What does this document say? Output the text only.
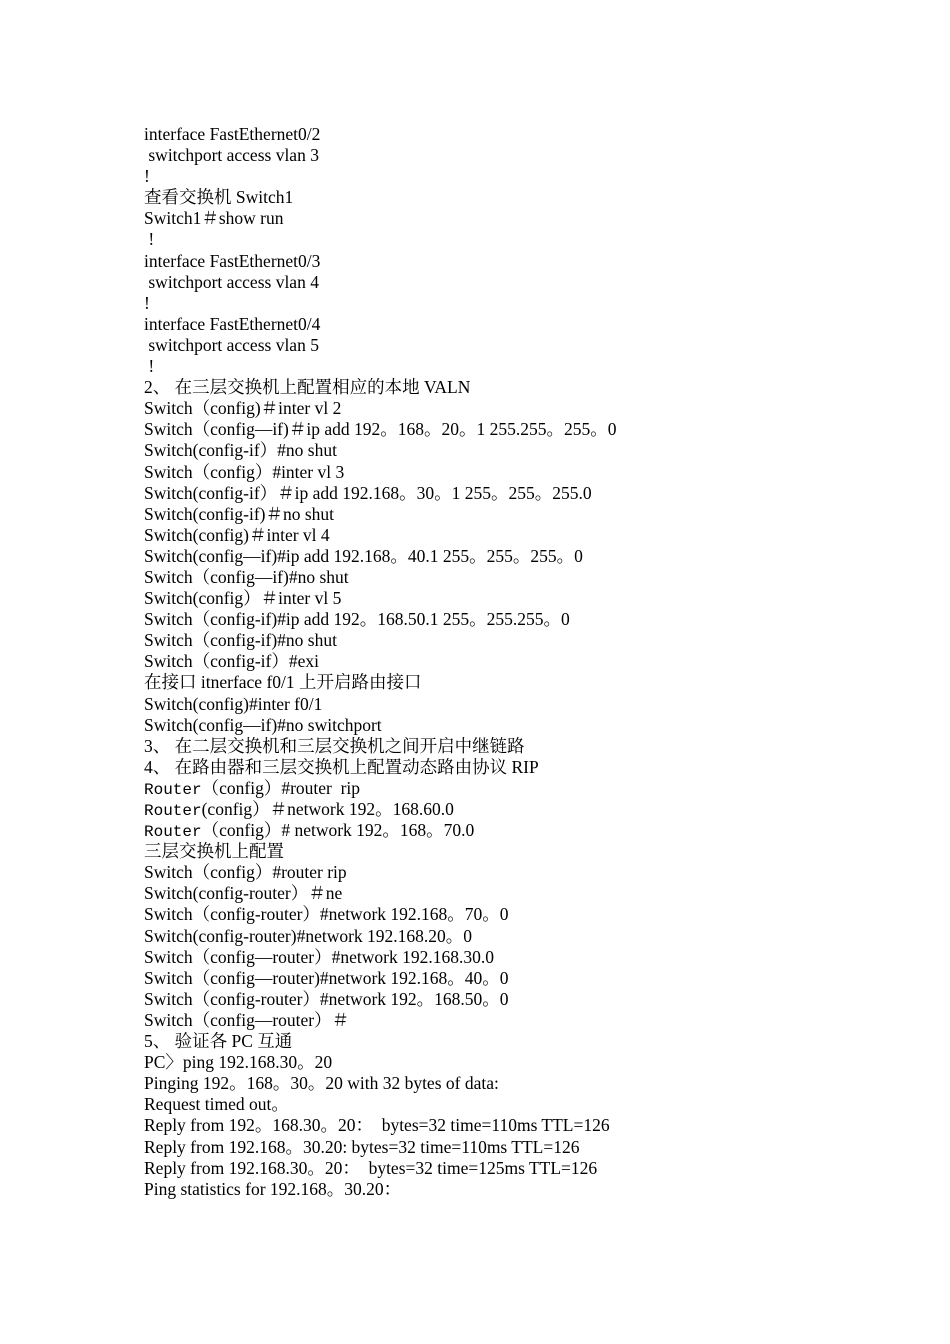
interface FastEthernet0/2
switchport access vlan 3
!
查看交换机 Switch1
Switch1＃show run
!
interface FastEthernet0/3
switchport access vlan 4
!
interface FastEthernet0/4
switchport access vlan 5
!
2、 在三层交换机上配置相应的本地 VALN
Switch（config)＃inter vl 2
Switch（config—if)＃ip add 192。168。20。1 255.255。255。0
Switch(config-if）#no shut
Switch（config）#inter vl 3
Switch(config-if）＃ip add 192.168。30。1 255。255。255.0
Switch(config-if)＃no shut
Switch(config)＃inter vl 4
Switch(config—if)#ip add 192.168。40.1 255。255。255。0
Switch（config—if)#no shut
Switch(config）＃inter vl 5
Switch（config-if)#ip add 192。168.50.1 255。255.255。0
Switch（config-if)#no shut
Switch（config-if）#exi
在接口 itnerface f0/1 上开启路由接口
Switch(config)#inter f0/1
Switch(config—if)#no switchport
3、 在二层交换机和三层交换机之间开启中继链路
4、 在路由器和三层交换机上配置动态路由协议 RIP
Router（config）#router  rip
Router(config）＃network 192。168.60.0
Router（config）# network 192。168。70.0
三层交换机上配置
Switch（config）#router rip
Switch(config-router）＃ne
Switch（config-router）#network 192.168。70。0
Switch(config-router)#network 192.168.20。0
Switch（config—router）#network 192.168.30.0
Switch（config—router)#network 192.168。40。0
Switch（config-router）#network 192。168.50。0
Switch（config—router）＃
5、 验证各 PC 互通
PC〉ping 192.168.30。20
Pinging 192。168。30。20 with 32 bytes of data:
Request timed out。
Reply from 192。168.30。20：  bytes=32 time=110ms TTL=126
Reply from 192.168。30.20: bytes=32 time=110ms TTL=126
Reply from 192.168.30。20：  bytes=32 time=125ms TTL=126
Ping statistics for 192.168。30.20：
